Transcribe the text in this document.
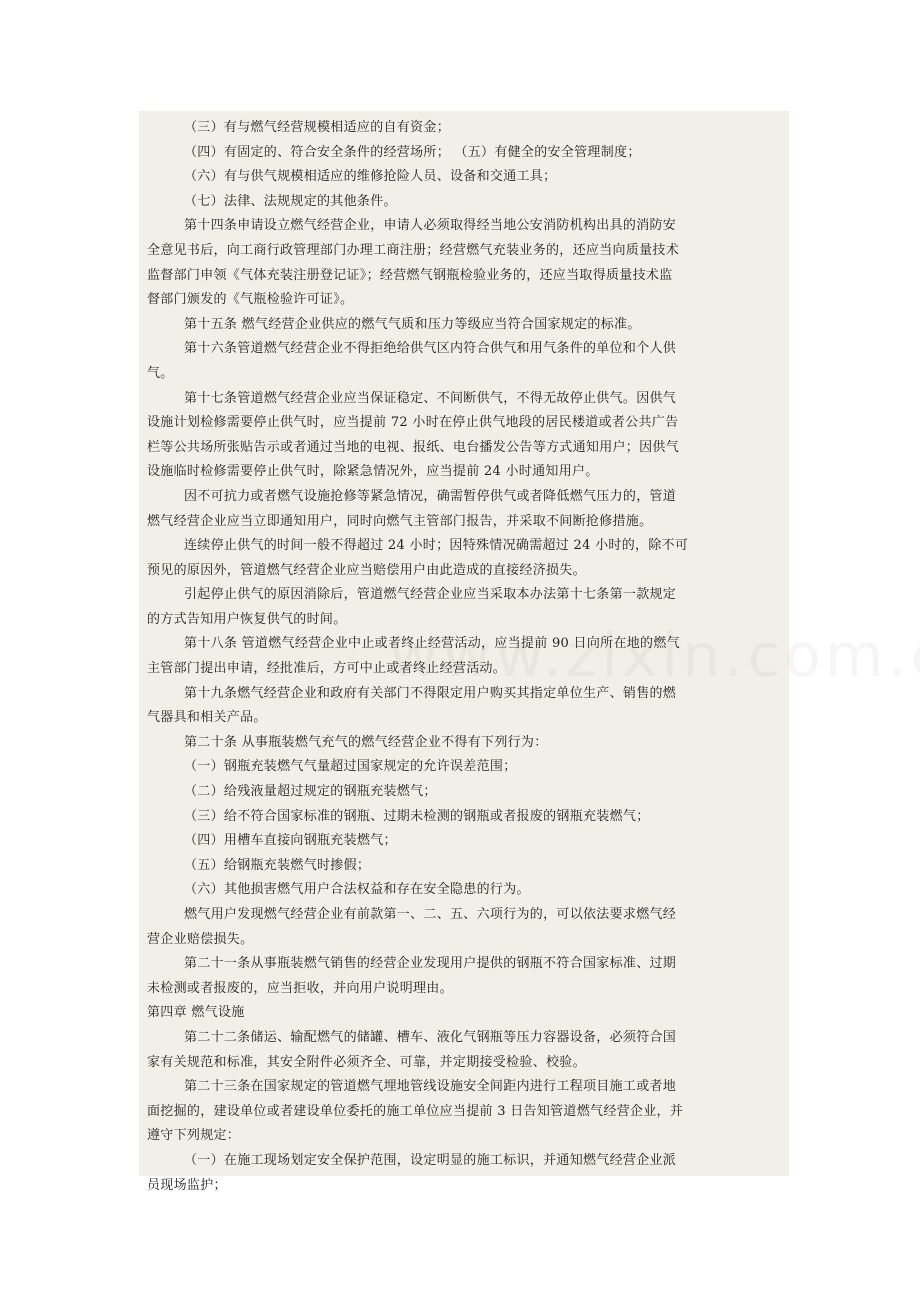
（三）有与燃气经营规模相适应的自有资金；
（四）有固定的、符合安全条件的经营场所； （五）有健全的安全管理制度；
（六）有与供气规模相适应的维修抢险人员、设备和交通工具；
（七）法律、法规规定的其他条件。
第十四条申请设立燃气经营企业，申请人必须取得经当地公安消防机构出具的消防安
全意见书后，向工商行政管理部门办理工商注册；经营燃气充装业务的，还应当向质量技术
监督部门申领《气体充装注册登记证》；经营燃气钢瓶检验业务的，还应当取得质量技术监
督部门颁发的《气瓶检验许可证》。
第十五条 燃气经营企业供应的燃气气质和压力等级应当符合国家规定的标准。
第十六条管道燃气经营企业不得拒绝给供气区内符合供气和用气条件的单位和个人供
气。
第十七条管道燃气经营企业应当保证稳定、不间断供气，不得无故停止供气。因供气
设施计划检修需要停止供气时，应当提前 72 小时在停止供气地段的居民楼道或者公共广告
栏等公共场所张贴告示或者通过当地的电视、报纸、电台播发公告等方式通知用户；因供气
设施临时检修需要停止供气时，除紧急情况外，应当提前 24 小时通知用户。
因不可抗力或者燃气设施抢修等紧急情况，确需暂停供气或者降低燃气压力的，管道
燃气经营企业应当立即通知用户，同时向燃气主管部门报告，并采取不间断抢修措施。
连续停止供气的时间一般不得超过 24 小时；因特殊情况确需超过 24 小时的，除不可
预见的原因外，管道燃气经营企业应当赔偿用户由此造成的直接经济损失。
引起停止供气的原因消除后，管道燃气经营企业应当采取本办法第十七条第一款规定
的方式告知用户恢复供气的时间。
第十八条 管道燃气经营企业中止或者终止经营活动，应当提前 90 日向所在地的燃气
主管部门提出申请，经批准后，方可中止或者终止经营活动。
第十九条燃气经营企业和政府有关部门不得限定用户购买其指定单位生产、销售的燃
气器具和相关产品。
第二十条 从事瓶装燃气充气的燃气经营企业不得有下列行为：
（一）钢瓶充装燃气气量超过国家规定的允许误差范围；
（二）给残液量超过规定的钢瓶充装燃气；
（三）给不符合国家标准的钢瓶、过期未检测的钢瓶或者报废的钢瓶充装燃气；
（四）用槽车直接向钢瓶充装燃气；
（五）给钢瓶充装燃气时掺假；
（六）其他损害燃气用户合法权益和存在安全隐患的行为。
燃气用户发现燃气经营企业有前款第一、二、五、六项行为的，可以依法要求燃气经
营企业赔偿损失。
第二十一条从事瓶装燃气销售的经营企业发现用户提供的钢瓶不符合国家标准、过期
未检测或者报废的，应当拒收，并向用户说明理由。
第四章 燃气设施
第二十二条储运、输配燃气的储罐、槽车、液化气钢瓶等压力容器设备，必须符合国
家有关规范和标准，其安全附件必须齐全、可靠，并定期接受检验、校验。
第二十三条在国家规定的管道燃气埋地管线设施安全间距内进行工程项目施工或者地
面挖掘的，建设单位或者建设单位委托的施工单位应当提前 3 日告知管道燃气经营企业，并
遵守下列规定：
（一）在施工现场划定安全保护范围，设定明显的施工标识，并通知燃气经营企业派
员现场监护；
